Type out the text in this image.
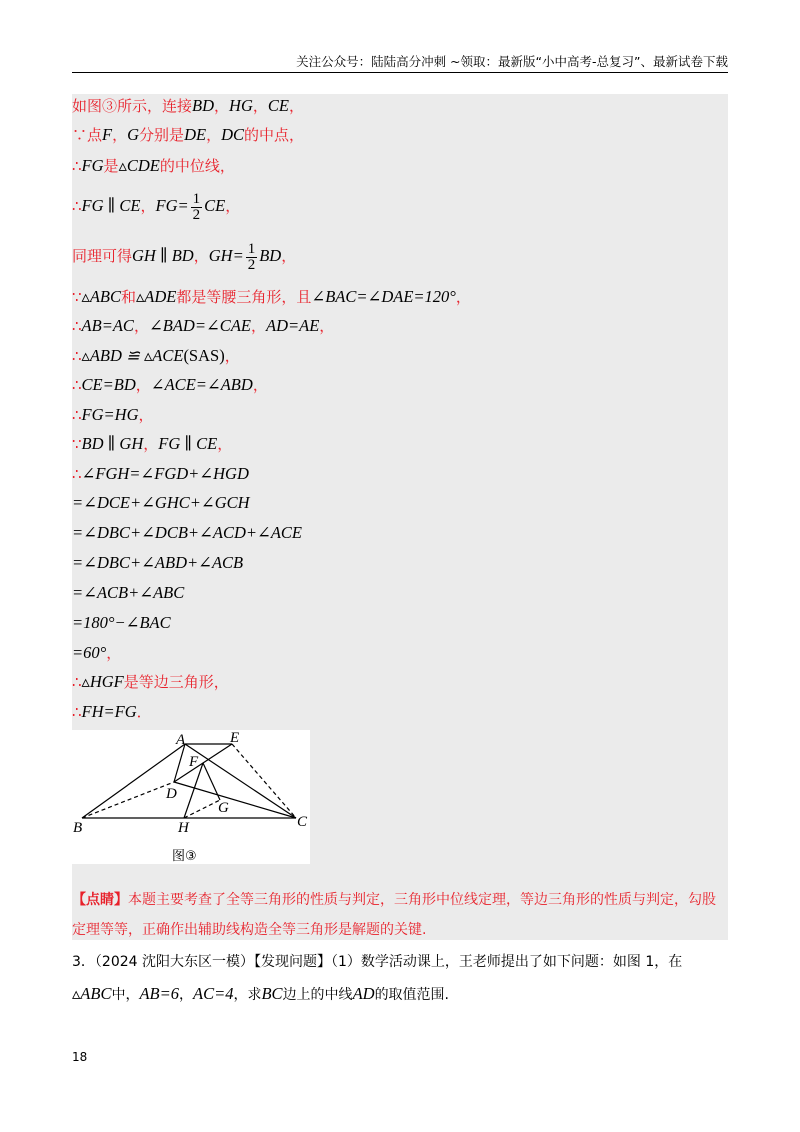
关注公众号：陆陆高分冲刺 ~领取：最新版“小中高考-总复习”、最新试卷下载
如图③所示，连接BD，HG，CE，
∵点F，G分别是DE，DC的中点，
∴FG是▵CDE的中位线，
∴FG ∥ CE，$FG= \frac{1}{2}$ CE，
同理可得GH ∥ BD，$GH= \frac{1}{2}$ BD，
∵▵ABC和▵ADE都是等腰三角形，且∠BAC=∠DAE=120°，
∴AB=AC，∠BAD=∠CAE，AD=AE，
∴▵ABD ≌ ▵ACE(SAS)，
∴CE=BD，∠ACE=∠ABD，
∴FG=HG，
∵BD ∥ GH，FG ∥ CE，
∴∠FGH=∠FGD+∠HGD
=∠DCE+∠GHC+∠GCH
=∠DBC+∠DCB+∠ACD+∠ACE
=∠DBC+∠ABD+∠ACB
=∠ACB+∠ABC
=180°−∠BAC
=60°，
∴▵HGF是等边三角形，
∴FH=FG．
A	E
F
D
G
B	H	C
图③
【点睛】本题主要考查了全等三角形的性质与判定，三角形中位线定理，等边三角形的性质与判定，勾股
定理等等，正确作出辅助线构造全等三角形是解题的关键.
3．（2024 沈阳大东区一模）【发现问题】（1）数学活动课上，王老师提出了如下问题：如图 1，在
▵ABC中，AB=6，AC=4，求BC边上的中线AD的取值范围.
18
